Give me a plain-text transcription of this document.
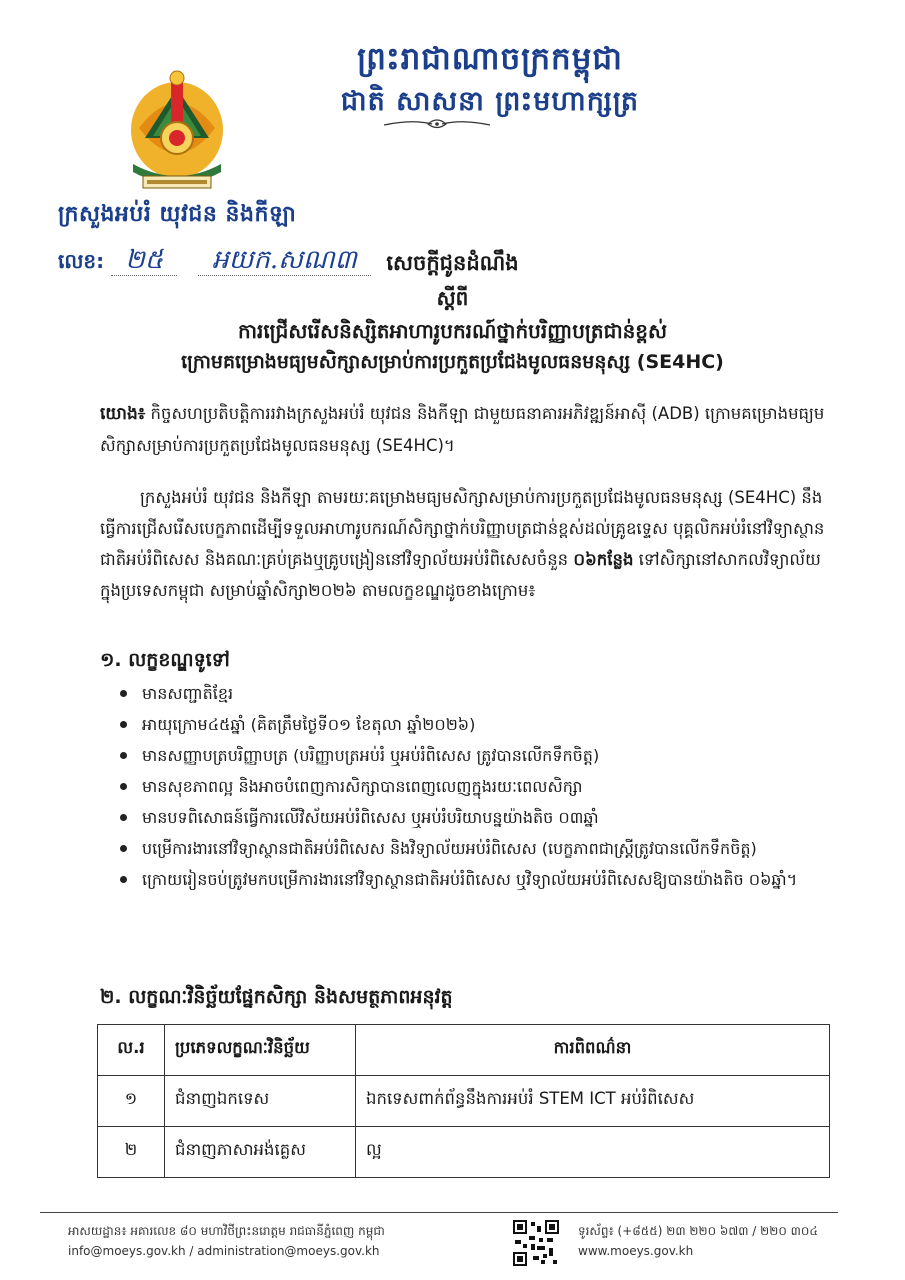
ព្រះរាជាណាចក្រកម្ពុជា
ជាតិ សាសនា ព្រះមហាក្សត្រ
ក្រសួងអប់រំ យុវជន និងកីឡា
លេខ: ២៥ អយក.សណ៣	សេចក្តីជូនដំណឹង
ស្តីពី
ការជ្រើសរើសនិស្សិតអាហារូបករណ៍ថ្នាក់បរិញ្ញាបត្រជាន់ខ្ពស់
ក្រោមគម្រោងមធ្យមសិក្សាសម្រាប់ការប្រកួតប្រជែងមូលធនមនុស្ស (SE4HC)
យោង៖ កិច្ចសហប្រតិបត្តិការរវាងក្រសួងអប់រំ យុវជន និងកីឡា ជាមួយធនាគារអភិវឌ្ឍន៍អាស៊ី (ADB) ក្រោមគម្រោងមធ្យមសិក្សាសម្រាប់ការប្រកួតប្រជែងមូលធនមនុស្ស (SE4HC)។
ក្រសួងអប់រំ យុវជន និងកីឡា តាមរយៈគម្រោងមធ្យមសិក្សាសម្រាប់ការប្រកួតប្រជែងមូលធនមនុស្ស (SE4HC) នឹងធ្វើការជ្រើសរើសបេក្ខភាពដើម្បីទទួលអាហារូបករណ៍សិក្សាថ្នាក់បរិញ្ញាបត្រជាន់ខ្ពស់ដល់គ្រូឧទ្ទេស បុគ្គលិកអប់រំនៅវិទ្យាស្ថានជាតិអប់រំពិសេស និងគណៈគ្រប់គ្រងឬគ្រូបង្រៀននៅវិទ្យាល័យអប់រំពិសេសចំនួន ០៦កន្លែង ទៅសិក្សានៅសាកលវិទ្យាល័យក្នុងប្រទេសកម្ពុជា សម្រាប់ឆ្នាំសិក្សា២០២៦ តាមលក្ខខណ្ឌដូចខាងក្រោម៖
១. លក្ខខណ្ឌទូទៅ
មានសញ្ជាតិខ្មែរ
អាយុក្រោម៤៥ឆ្នាំ (គិតត្រឹមថ្ងៃទី០១ ខែតុលា ឆ្នាំ២០២៦)
មានសញ្ញាបត្របរិញ្ញាបត្រ (បរិញ្ញាបត្រអប់រំ ឬអប់រំពិសេស ត្រូវបានលើកទឹកចិត្ត)
មានសុខភាពល្អ និងអាចបំពេញការសិក្សាបានពេញលេញក្នុងរយៈពេលសិក្សា
មានបទពិសោធន៍ធ្វើការលើវិស័យអប់រំពិសេស ឬអប់រំបរិយាបន្នយ៉ាងតិច ០៣ឆ្នាំ
បម្រើការងារនៅវិទ្យាស្ថានជាតិអប់រំពិសេស និងវិទ្យាល័យអប់រំពិសេស (បេក្ខភាពជាស្ត្រីត្រូវបានលើកទឹកចិត្ត)
ក្រោយរៀនចប់ត្រូវមកបម្រើការងារនៅវិទ្យាស្ថានជាតិអប់រំពិសេស ឬវិទ្យាល័យអប់រំពិសេសឱ្យបានយ៉ាងតិច ០៦ឆ្នាំ។
២. លក្ខណៈវិនិច្ឆ័យផ្នែកសិក្សា និងសមត្ថភាពអនុវត្ត
ល.រ	ប្រភេទលក្ខណៈវិនិច្ឆ័យ	ការពិពណ៌នា
១	ជំនាញឯកទេស	ឯកទេសពាក់ព័ន្ធនឹងការអប់រំ STEM ICT អប់រំពិសេស
២	ជំនាញភាសាអង់គ្លេស	ល្អ
អាសយដ្ឋាន៖ អគារលេខ ៨០ មហាវិថីព្រះនរោត្តម រាជធានីភ្នំពេញ កម្ពុជា
info@moeys.gov.kh / administration@moeys.gov.kh
ទូរស័ព្ទ៖ (+៨៥៥) ២៣ ២២០ ៦៧៣ / ២២០ ៣០៤
www.moeys.gov.kh
